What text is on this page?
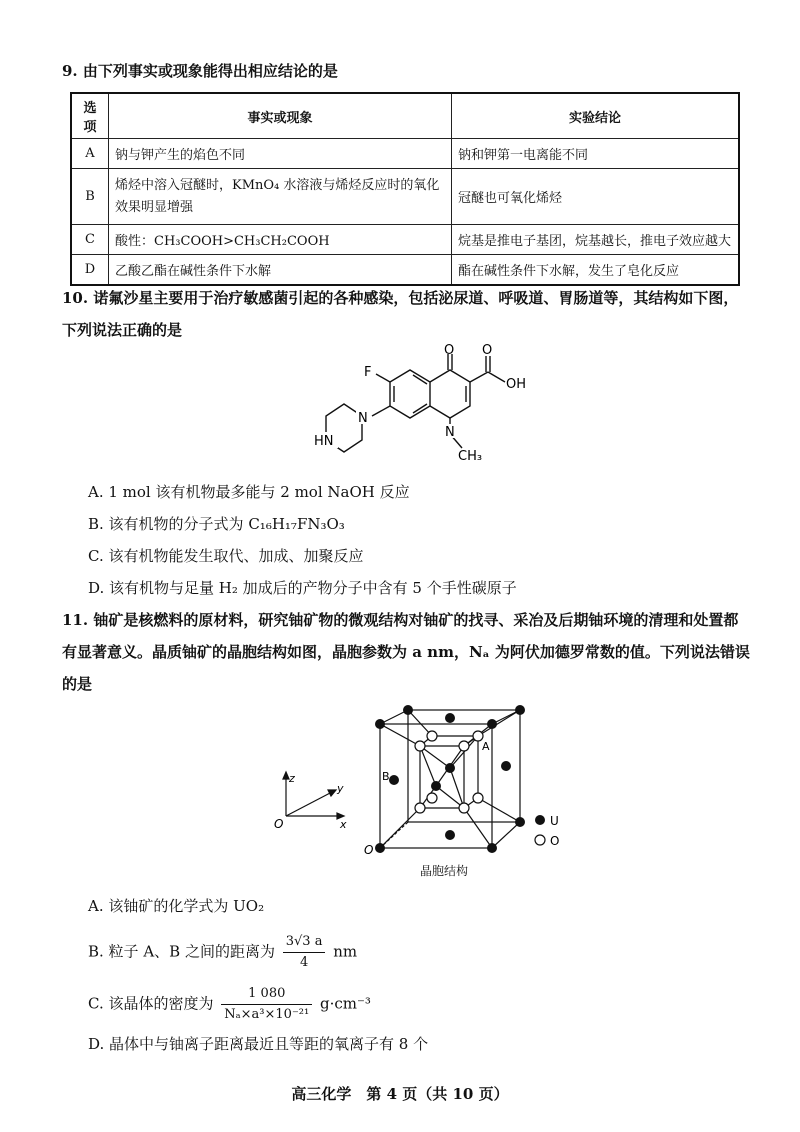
9. 由下列事实或现象能得出相应结论的是
选项	事实或现象	实验结论
A	钠与钾产生的焰色不同	钠和钾第一电离能不同
B	烯烃中溶入冠醚时，KMnO₄ 水溶液与烯烃反应时的氧化效果明显增强	冠醚也可氧化烯烃
C	酸性：CH₃COOH>CH₃CH₂COOH	烷基是推电子基团，烷基越长，推电子效应越大
D	乙酸乙酯在碱性条件下水解	酯在碱性条件下水解，发生了皂化反应
10. 诺氟沙星主要用于治疗敏感菌引起的各种感染，包括泌尿道、呼吸道、胃肠道等，其结构如下图，下列说法正确的是
N
HN
F
O O
OH
N
CH₃
A. 1 mol 该有机物最多能与 2 mol NaOH 反应
B. 该有机物的分子式为 C₁₆H₁₇FN₃O₃
C. 该有机物能发生取代、加成、加聚反应
D. 该有机物与足量 H₂ 加成后的产物分子中含有 5 个手性碳原子
11. 铀矿是核燃料的原材料，研究铀矿物的微观结构对铀矿的找寻、采冶及后期铀环境的清理和处置都有显著意义。晶质铀矿的晶胞结构如图，晶胞参数为 a nm，Nₐ 为阿伏加德罗常数的值。下列说法错误的是
z
y
x
O
A
B
O
U
O
晶胞结构
A. 该铀矿的化学式为 UO₂
B. 粒子 A、B 之间的距离为 $\frac{3√3 a}{4}$ nm
C. 该晶体的密度为 $\frac{1 080}{\text{Nₐ×a³×10⁻²¹}} g\cdot cm^{-3}$
D. 晶体中与铀离子距离最近且等距的氧离子有 8 个
高三化学　第 4 页（共 10 页）
